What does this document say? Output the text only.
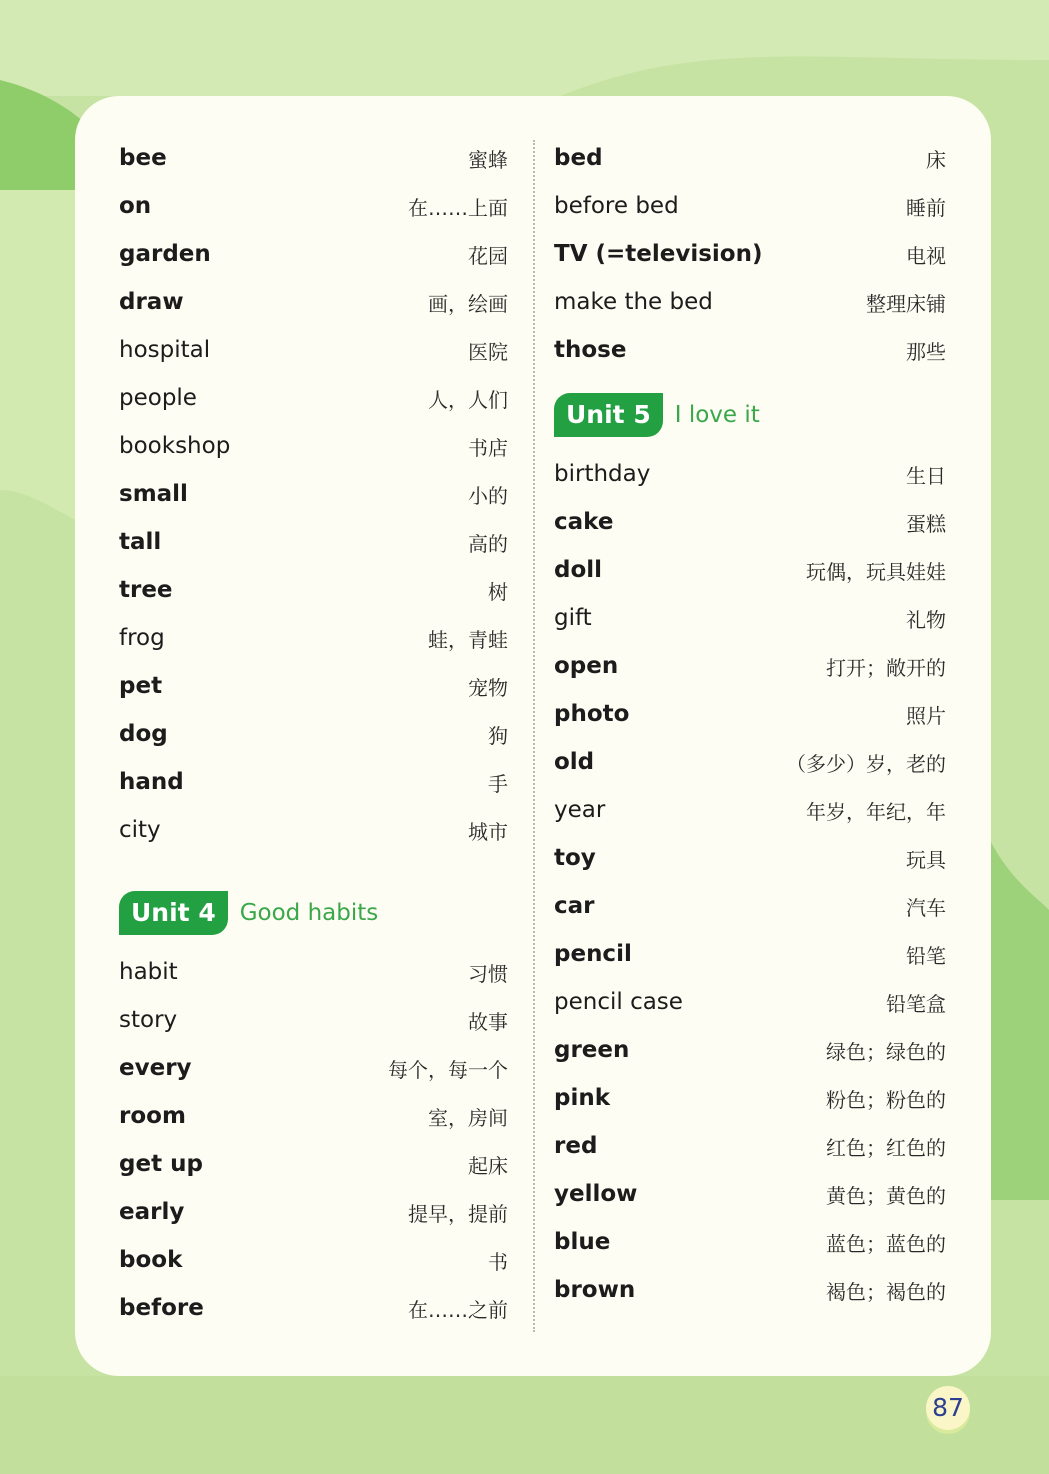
bee	蜜蜂
on	在……上面
garden	花园
draw	画，绘画
hospital	医院
people	人，人们
bookshop	书店
small	小的
tall	高的
tree	树
frog	蛙，青蛙
pet	宠物
dog	狗
hand	手
city	城市
Unit 4	Good habits
habit	习惯
story	故事
every	每个，每一个
room	室，房间
get up	起床
early	提早，提前
book	书
before	在……之前
bed	床
before bed	睡前
TV (=television)	电视
make the bed	整理床铺
those	那些
Unit 5	I love it
birthday	生日
cake	蛋糕
doll	玩偶，玩具娃娃
gift	礼物
open	打开；敞开的
photo	照片
old	（多少）岁，老的
year	年岁，年纪，年
toy	玩具
car	汽车
pencil	铅笔
pencil case	铅笔盒
green	绿色；绿色的
pink	粉色；粉色的
red	红色；红色的
yellow	黄色；黄色的
blue	蓝色；蓝色的
brown	褐色；褐色的
87
